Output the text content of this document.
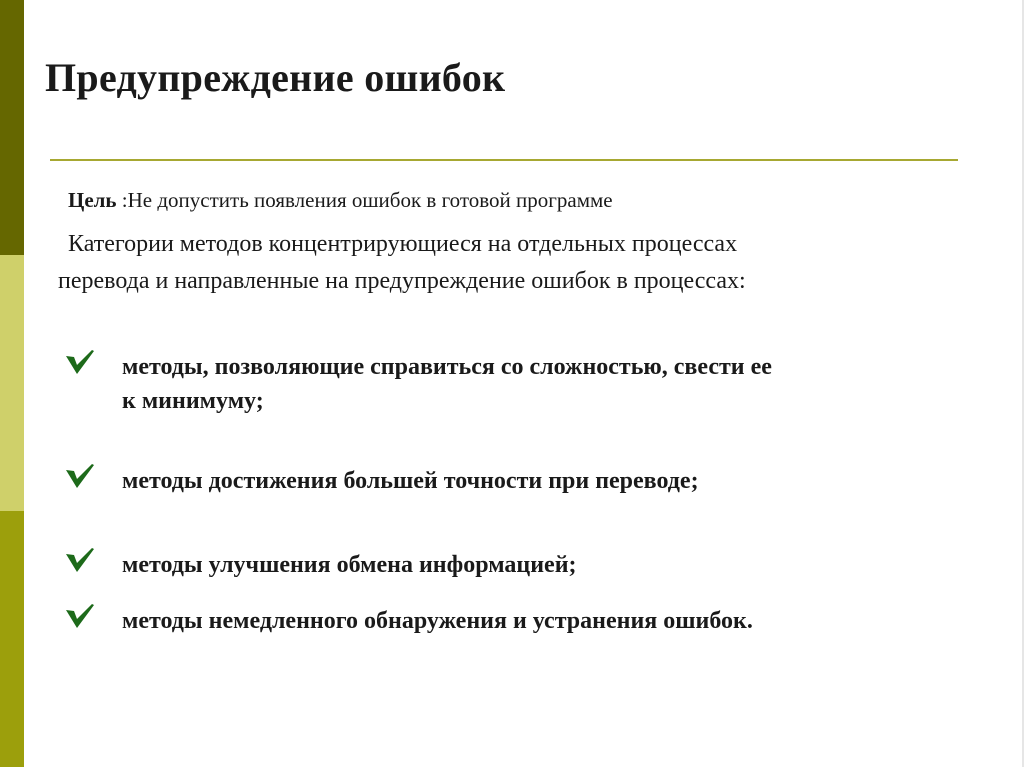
Предупреждение ошибок
Цель :Не допустить появления ошибок в готовой программе
Категории методов концентрирующиеся на отдельных процессах
перевода и направленные на предупреждение ошибок в процессах:
методы, позволяющие справиться со сложностью, свести ее
к минимуму;
методы достижения большей точности при переводе;
методы улучшения обмена информацией;
методы немедленного обнаружения и устранения ошибок.
